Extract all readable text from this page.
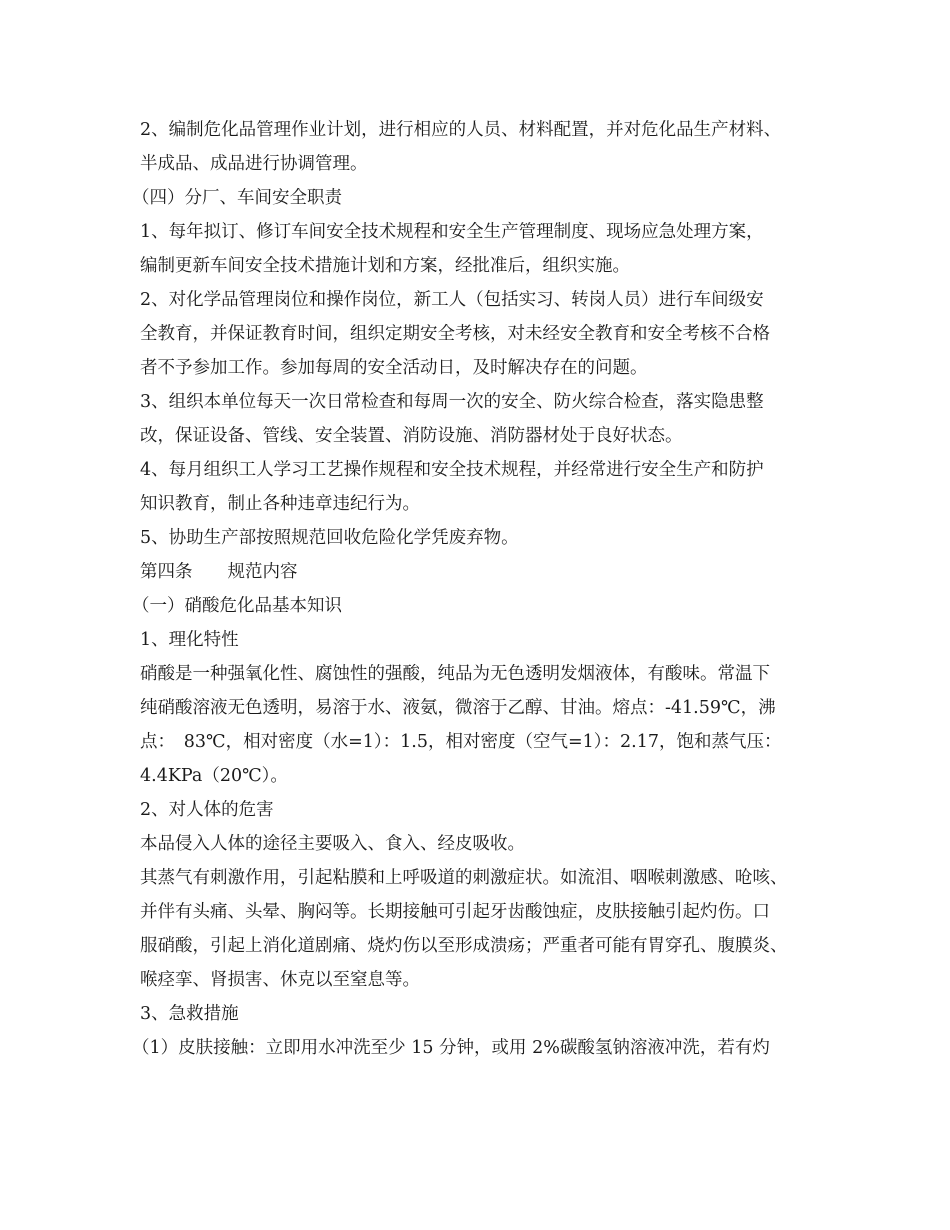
2、编制危化品管理作业计划，进行相应的人员、材料配置，并对危化品生产材料、
半成品、成品进行协调管理。
（四）分厂、车间安全职责
1、每年拟订、修订车间安全技术规程和安全生产管理制度、现场应急处理方案，
编制更新车间安全技术措施计划和方案，经批准后，组织实施。
2、对化学品管理岗位和操作岗位，新工人（包括实习、转岗人员）进行车间级安
全教育，并保证教育时间，组织定期安全考核，对未经安全教育和安全考核不合格
者不予参加工作。参加每周的安全活动日，及时解决存在的问题。
3、组织本单位每天一次日常检查和每周一次的安全、防火综合检查，落实隐患整
改，保证设备、管线、安全装置、消防设施、消防器材处于良好状态。
4、每月组织工人学习工艺操作规程和安全技术规程，并经常进行安全生产和防护
知识教育，制止各种违章违纪行为。
5、协助生产部按照规范回收危险化学凭废弃物。
第四条　　规范内容
（一）硝酸危化品基本知识
1、理化特性
硝酸是一种强氧化性、腐蚀性的强酸，纯品为无色透明发烟液体，有酸味。常温下
纯硝酸溶液无色透明，易溶于水、液氨，微溶于乙醇、甘油。熔点：-41.59℃，沸
点：　83℃，相对密度（水=1）：1.5，相对密度（空气=1）：2.17，饱和蒸气压：
4.4KPa（20℃）。
2、对人体的危害
本品侵入人体的途径主要吸入、食入、经皮吸收。
其蒸气有刺激作用，引起粘膜和上呼吸道的刺激症状。如流泪、咽喉刺激感、呛咳、
并伴有头痛、头晕、胸闷等。长期接触可引起牙齿酸蚀症，皮肤接触引起灼伤。口
服硝酸，引起上消化道剧痛、烧灼伤以至形成溃疡；严重者可能有胃穿孔、腹膜炎、
喉痉挛、肾损害、休克以至窒息等。
3、急救措施
（1）皮肤接触：立即用水冲洗至少 15 分钟，或用 2%碳酸氢钠溶液冲洗，若有灼
